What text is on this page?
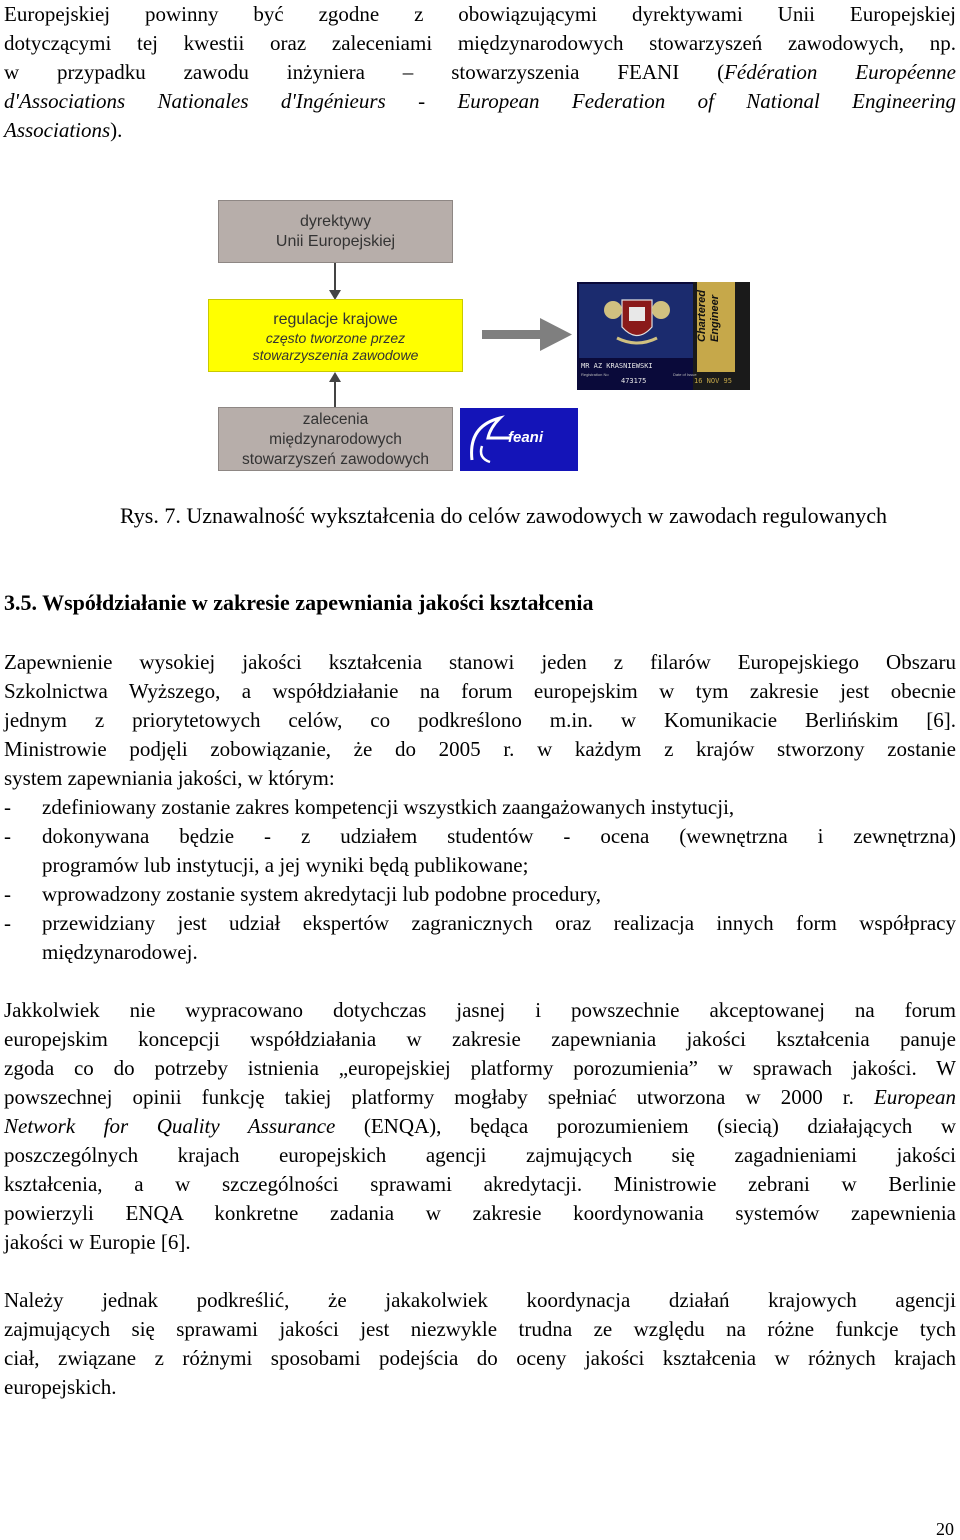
Europejskiej powinny być zgodne z obowiązującymi dyrektywami Unii Europejskiej
dotyczącymi tej kwestii oraz zaleceniami międzynarodowych stowarzyszeń zawodowych, np.
w przypadku zawodu inżyniera – stowarzyszenia FEANI (Fédération Européenne
d'Associations Nationales d'Ingénieurs - European Federation of National Engineering
Associations).
dyrektywy
Unii Europejskiej
regulacje krajowe
często tworzone przez
stowarzyszenia zawodowe
zalecenia
międzynarodowych
stowarzyszeń zawodowych
Chartered Engineer
MR AZ KRASNIEWSKI
Registration No
473175
Date of Issue
16 NOV 95
feani

Rys. 7. Uznawalność wykształcenia do celów zawodowych w zawodach regulowanych

3.5. Współdziałanie w zakresie zapewniania jakości kształcenia
Zapewnienie wysokiej jakości kształcenia stanowi jeden z filarów Europejskiego Obszaru
Szkolnictwa Wyższego, a współdziałanie na forum europejskim w tym zakresie jest obecnie
jednym z priorytetowych celów, co podkreślono m.in. w Komunikacie Berlińskim [6].
Ministrowie podjęli zobowiązanie, że do 2005 r. w każdym z krajów stworzony zostanie
system zapewniania jakości, w którym:
- zdefiniowany zostanie zakres kompetencji wszystkich zaangażowanych instytucji,
- dokonywana będzie - z udziałem studentów - ocena (wewnętrzna i zewnętrzna)
programów lub instytucji, a jej wyniki będą publikowane;
- wprowadzony zostanie system akredytacji lub podobne procedury,
- przewidziany jest udział ekspertów zagranicznych oraz realizacja innych form współpracy
międzynarodowej.
Jakkolwiek nie wypracowano dotychczas jasnej i powszechnie akceptowanej na forum
europejskim koncepcji współdziałania w zakresie zapewniania jakości kształcenia panuje
zgoda co do potrzeby istnienia „europejskiej platformy porozumienia” w sprawach jakości. W
powszechnej opinii funkcję takiej platformy mogłaby spełniać utworzona w 2000 r. European
Network for Quality Assurance (ENQA), będąca porozumieniem (siecią) działających w
poszczególnych krajach europejskich agencji zajmujących się zagadnieniami jakości
kształcenia, a w szczególności sprawami akredytacji. Ministrowie zebrani w Berlinie
powierzyli ENQA konkretne zadania w zakresie koordynowania systemów zapewnienia
jakości w Europie [6].
Należy jednak podkreślić, że jakakolwiek koordynacja działań krajowych agencji
zajmujących się sprawami jakości jest niezwykle trudna ze względu na różne funkcje tych
ciał, związane z różnymi sposobami podejścia do oceny jakości kształcenia w różnych krajach
europejskich.

20
